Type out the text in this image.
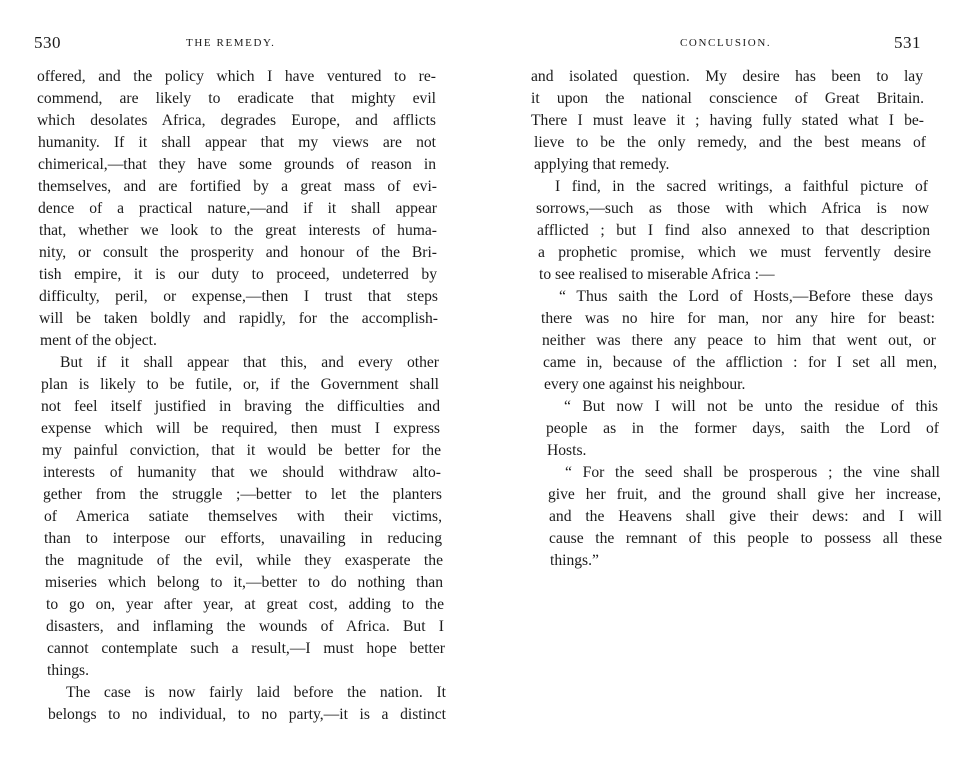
530	THE REMEDY.
offered, and the policy which I have ventured to re-
commend, are likely to eradicate that mighty evil
which desolates Africa, degrades Europe, and afflicts
humanity. If it shall appear that my views are not
chimerical,—that they have some grounds of reason in
themselves, and are fortified by a great mass of evi-
dence of a practical nature,—and if it shall appear
that, whether we look to the great interests of huma-
nity, or consult the prosperity and honour of the Bri-
tish empire, it is our duty to proceed, undeterred by
difficulty, peril, or expense,—then I trust that steps
will be taken boldly and rapidly, for the accomplish-
ment of the object.
But if it shall appear that this, and every other
plan is likely to be futile, or, if the Government shall
not feel itself justified in braving the difficulties and
expense which will be required, then must I express
my painful conviction, that it would be better for the
interests of humanity that we should withdraw alto-
gether from the struggle ;—better to let the planters
of America satiate themselves with their victims,
than to interpose our efforts, unavailing in reducing
the magnitude of the evil, while they exasperate the
miseries which belong to it,—better to do nothing than
to go on, year after year, at great cost, adding to the
disasters, and inflaming the wounds of Africa. But I
cannot contemplate such a result,—I must hope better
things.
The case is now fairly laid before the nation. It
belongs to no individual, to no party,—it is a distinct
CONCLUSION.	531
and isolated question. My desire has been to lay
it upon the national conscience of Great Britain.
There I must leave it ; having fully stated what I be-
lieve to be the only remedy, and the best means of
applying that remedy.
I find, in the sacred writings, a faithful picture of
sorrows,—such as those with which Africa is now
afflicted ; but I find also annexed to that description
a prophetic promise, which we must fervently desire
to see realised to miserable Africa :—
“ Thus saith the Lord of Hosts,—Before these days
there was no hire for man, nor any hire for beast:
neither was there any peace to him that went out, or
came in, because of the affliction : for I set all men,
every one against his neighbour.
“ But now I will not be unto the residue of this
people as in the former days, saith the Lord of
Hosts.
“ For the seed shall be prosperous ; the vine shall
give her fruit, and the ground shall give her increase,
and the Heavens shall give their dews: and I will
cause the remnant of this people to possess all these
things.”
